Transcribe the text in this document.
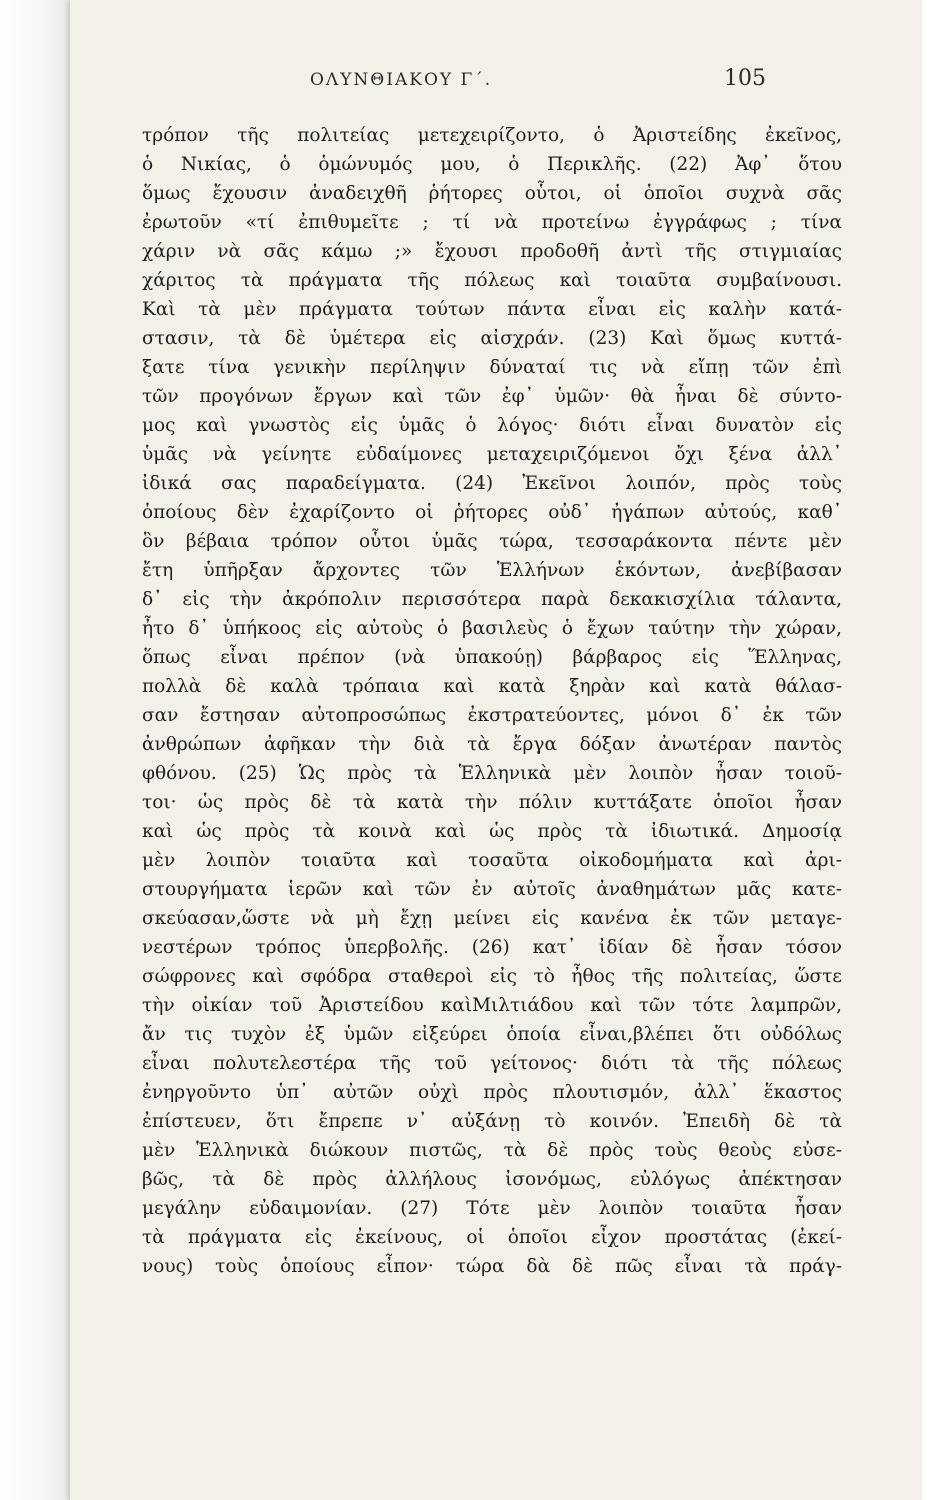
ΟΛΥΝΘΙΑΚΟΥ Γ΄.	105
τρόπον τῆς πολιτείας μετεχειρίζοντο, ὁ Ἀριστείδης ἐκεῖνος,
ὁ Νικίας, ὁ ὁμώνυμός μου, ὁ Περικλῆς. (22) Ἀφ᾿ ὅτου
ὅμως ἔχουσιν ἀναδειχθῆ ῥήτορες οὗτοι, οἱ ὁποῖοι συχνὰ σᾶς
ἐρωτοῦν «τί ἐπιθυμεῖτε ; τί νὰ προτείνω ἐγγράφως ; τίνα
χάριν νὰ σᾶς κάμω ;» ἔχουσι προδοθῆ ἀντὶ τῆς στιγμιαίας
χάριτος τὰ πράγματα τῆς πόλεως καὶ τοιαῦτα συμβαίνουσι.
Καὶ τὰ μὲν πράγματα τούτων πάντα εἶναι εἰς καλὴν κατά-
στασιν, τὰ δὲ ὑμέτερα εἰς αἰσχράν. (23) Καὶ ὅμως κυττά-
ξατε τίνα γενικὴν περίληψιν δύναταί τις νὰ εἴπῃ τῶν ἐπὶ
τῶν προγόνων ἔργων καὶ τῶν ἐφ᾿ ὑμῶν· θὰ ἦναι δὲ σύντο-
μος καὶ γνωστὸς εἰς ὑμᾶς ὁ λόγος· διότι εἶναι δυνατὸν εἰς
ὑμᾶς νὰ γείνητε εὐδαίμονες μεταχειριζόμενοι ὄχι ξένα ἀλλ᾿
ἰδικά σας παραδείγματα. (24) Ἐκεῖνοι λοιπόν, πρὸς τοὺς
ὁποίους δὲν ἐχαρίζοντο οἱ ῥήτορες οὐδ᾿ ἠγάπων αὐτούς, καθ᾿
ὃν βέβαια τρόπον οὗτοι ὑμᾶς τώρα, τεσσαράκοντα πέντε μὲν
ἔτη ὑπῆρξαν ἄρχοντες τῶν Ἑλλήνων ἑκόντων, ἀνεβίβασαν
δ᾿ εἰς τὴν ἀκρόπολιν περισσότερα παρὰ δεκακισχίλια τάλαντα,
ἦτο δ᾿ ὑπήκοος εἰς αὐτοὺς ὁ βασιλεὺς ὁ ἔχων ταύτην τὴν χώραν,
ὅπως εἶναι πρέπον (νὰ ὑπακούῃ) βάρβαρος εἰς Ἕλληνας,
πολλὰ δὲ καλὰ τρόπαια καὶ κατὰ ξηρὰν καὶ κατὰ θάλασ-
σαν ἔστησαν αὐτοπροσώπως ἐκστρατεύοντες, μόνοι δ᾿ ἐκ τῶν
ἀνθρώπων ἀφῆκαν τὴν διὰ τὰ ἔργα δόξαν ἀνωτέραν παντὸς
φθόνου. (25) Ὡς πρὸς τὰ Ἑλληνικὰ μὲν λοιπὸν ἦσαν τοιοῦ-
τοι· ὡς πρὸς δὲ τὰ κατὰ τὴν πόλιν κυττάξατε ὁποῖοι ἦσαν
καὶ ὡς πρὸς τὰ κοινὰ καὶ ὡς πρὸς τὰ ἰδιωτικά. Δημοσίᾳ
μὲν λοιπὸν τοιαῦτα καὶ τοσαῦτα οἰκοδομήματα καὶ ἀρι-
στουργήματα ἱερῶν καὶ τῶν ἐν αὐτοῖς ἀναθημάτων μᾶς κατε-
σκεύασαν,ὥστε νὰ μὴ ἔχῃ μείνει εἰς κανένα ἐκ τῶν μεταγε-
νεστέρων τρόπος ὑπερβολῆς. (26) κατ᾿ ἰδίαν δὲ ἦσαν τόσον
σώφρονες καὶ σφόδρα σταθεροὶ εἰς τὸ ἦθος τῆς πολιτείας, ὥστε
τὴν οἰκίαν τοῦ Ἀριστείδου καὶΜιλτιάδου καὶ τῶν τότε λαμπρῶν,
ἄν τις τυχὸν ἐξ ὑμῶν εἰξεύρει ὁποία εἶναι,βλέπει ὅτι οὐδόλως
εἶναι πολυτελεστέρα τῆς τοῦ γείτονος· διότι τὰ τῆς πόλεως
ἐνηργοῦντο ὑπ᾿ αὐτῶν οὐχὶ πρὸς πλουτισμόν, ἀλλ᾿ ἕκαστος
ἐπίστευεν, ὅτι ἔπρεπε ν᾿ αὐξάνῃ τὸ κοινόν. Ἐπειδὴ δὲ τὰ
μὲν Ἑλληνικὰ διώκουν πιστῶς, τὰ δὲ πρὸς τοὺς θεοὺς εὐσε-
βῶς, τὰ δὲ πρὸς ἀλλήλους ἰσονόμως, εὐλόγως ἀπέκτησαν
μεγάλην εὐδαιμονίαν. (27) Τότε μὲν λοιπὸν τοιαῦτα ἦσαν
τὰ πράγματα εἰς ἐκείνους, οἱ ὁποῖοι εἶχον προστάτας (ἐκεί-
νους) τοὺς ὁποίους εἶπον· τώρα δὰ δὲ πῶς εἶναι τὰ πράγ-
